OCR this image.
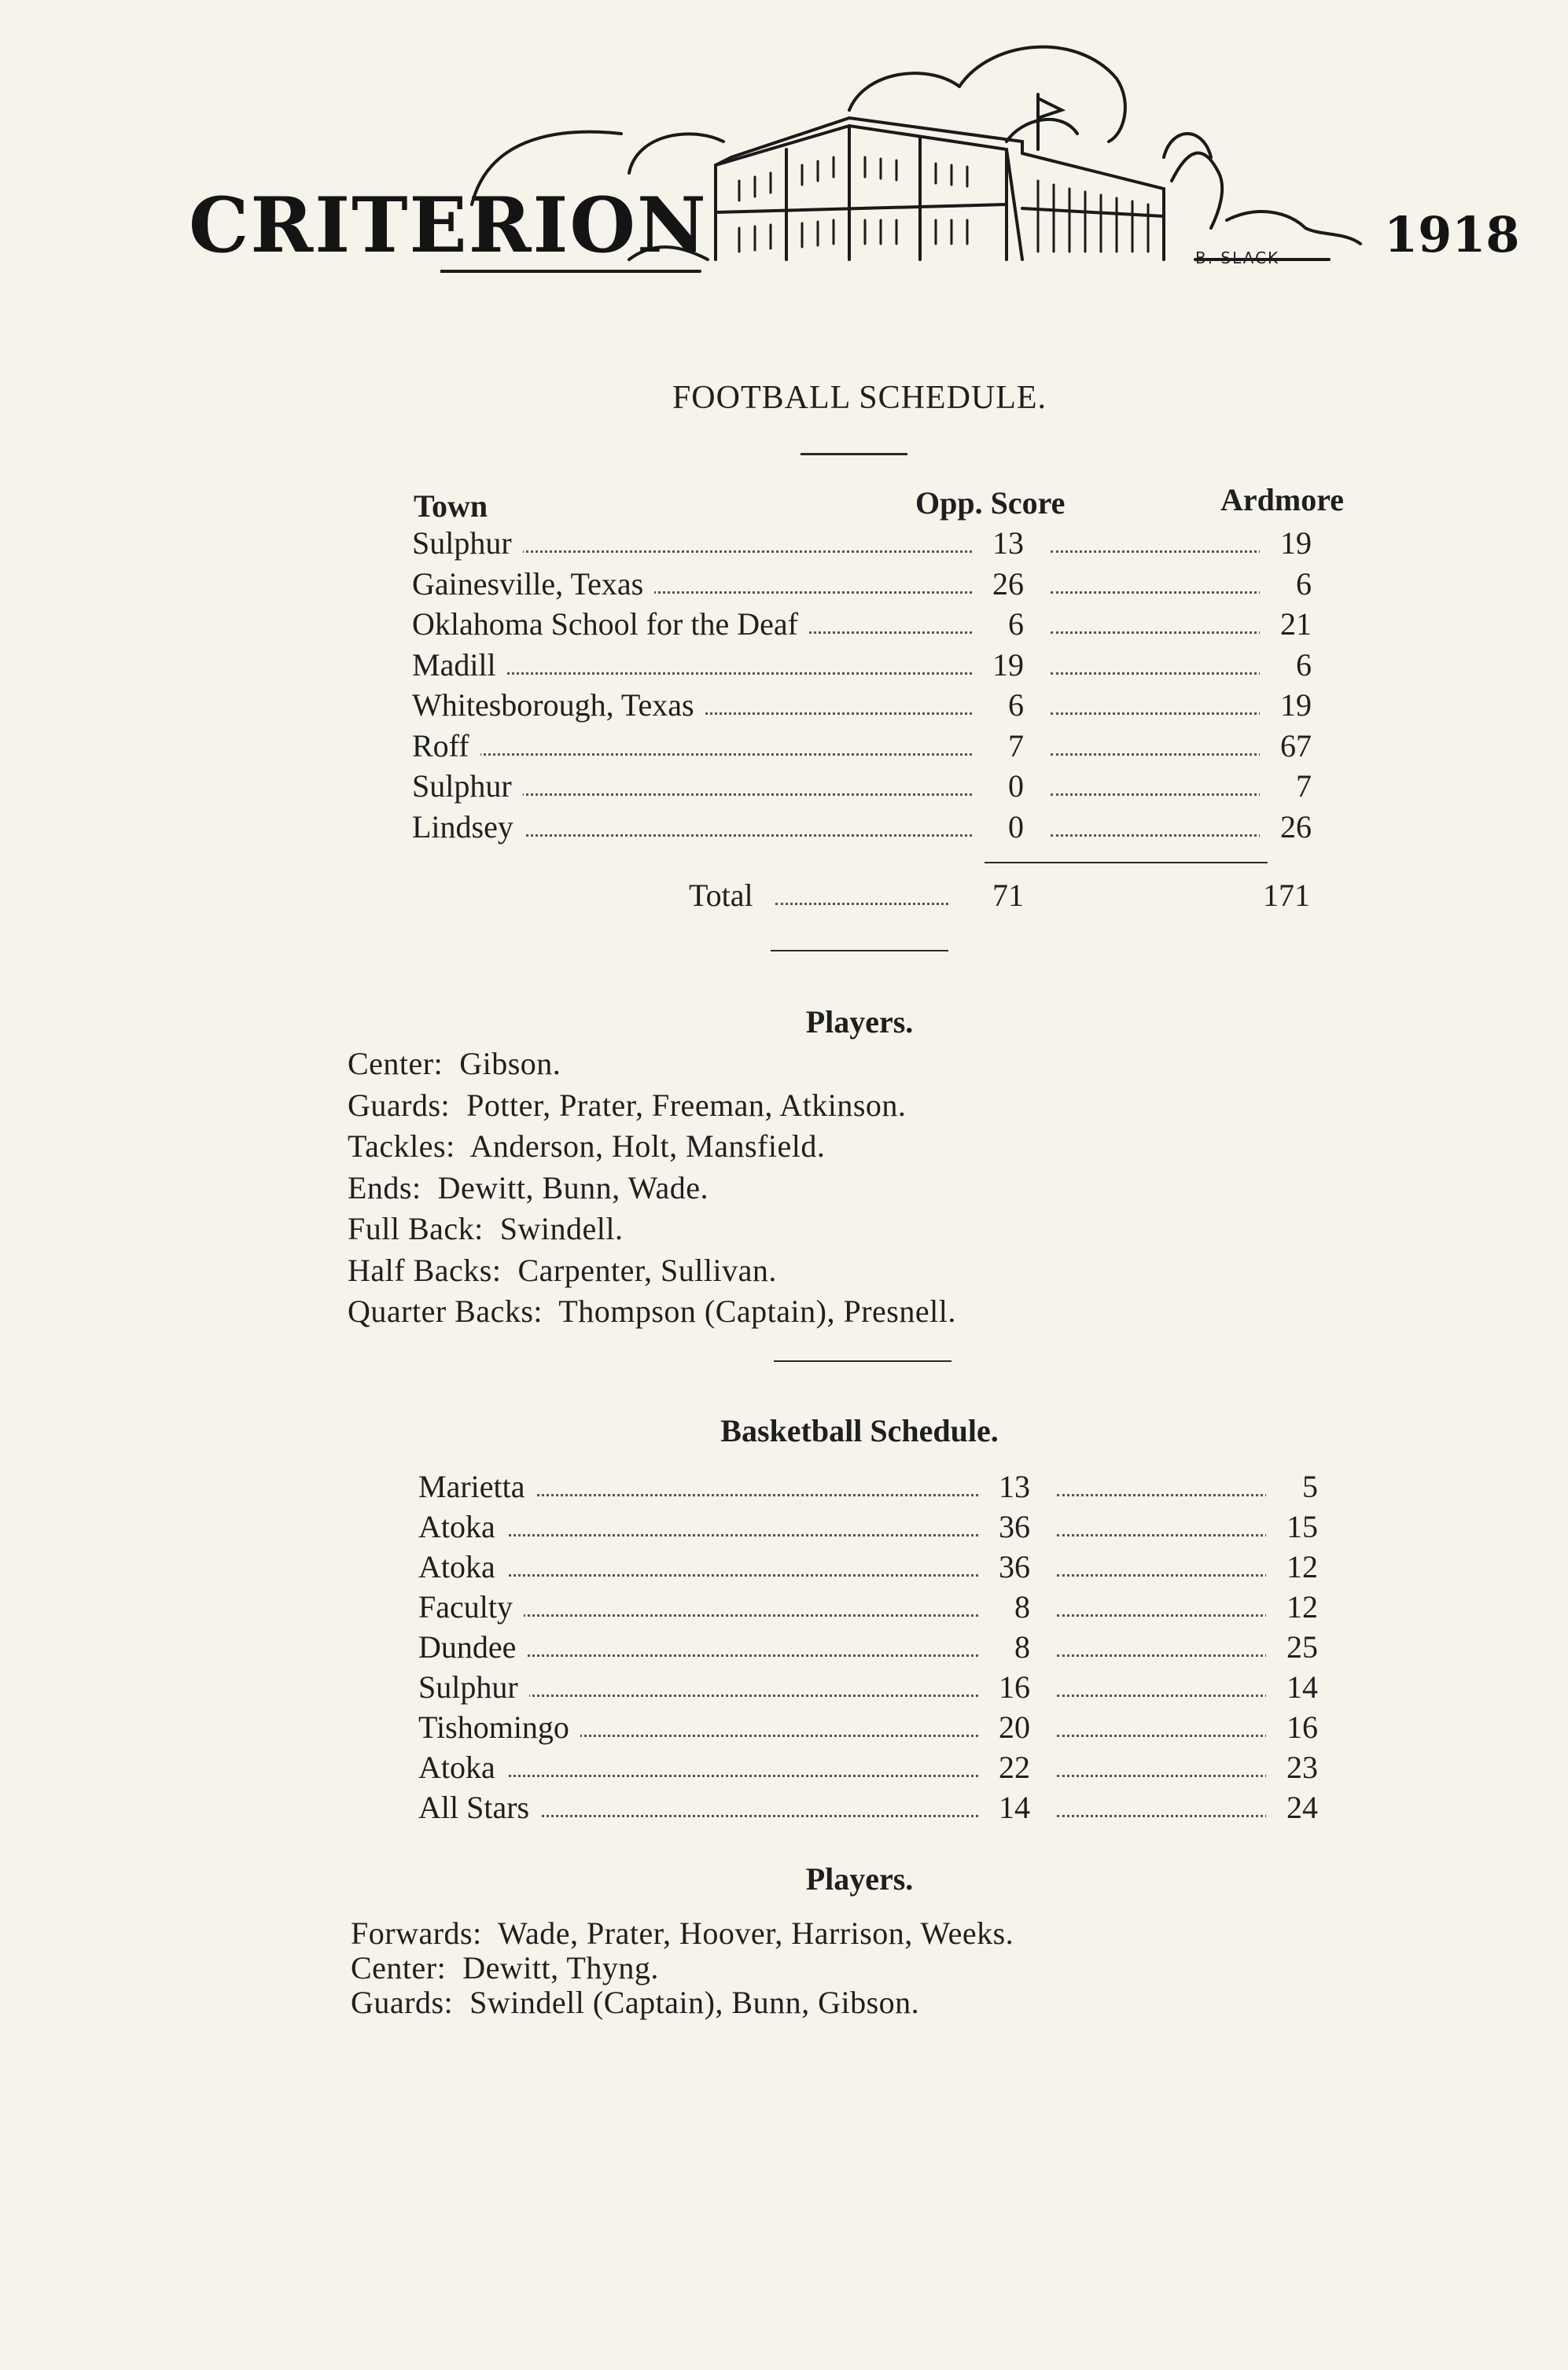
CRITERION	B. SLACK 1918
FOOTBALL SCHEDULE.
Town	Opp. Score	Ardmore
Sulphur	13	19
Gainesville, Texas	26	6
Oklahoma School for the Deaf	6	21
Madill	19	6
Whitesborough, Texas	6	19
Roff	7	67
Sulphur	0	7
Lindsey	0	26
Total	71	171
Players.
Center:  Gibson.
Guards:  Potter, Prater, Freeman, Atkinson.
Tackles:  Anderson, Holt, Mansfield.
Ends:  Dewitt, Bunn, Wade.
Full Back:  Swindell.
Half Backs:  Carpenter, Sullivan.
Quarter Backs:  Thompson (Captain), Presnell.
Basketball Schedule.
Marietta	13	5
Atoka	36	15
Atoka	36	12
Faculty	8	12
Dundee	8	25
Sulphur	16	14
Tishomingo	20	16
Atoka	22	23
All Stars	14	24
Players.
Forwards:  Wade, Prater, Hoover, Harrison, Weeks.
Center:  Dewitt, Thyng.
Guards:  Swindell (Captain), Bunn, Gibson.
